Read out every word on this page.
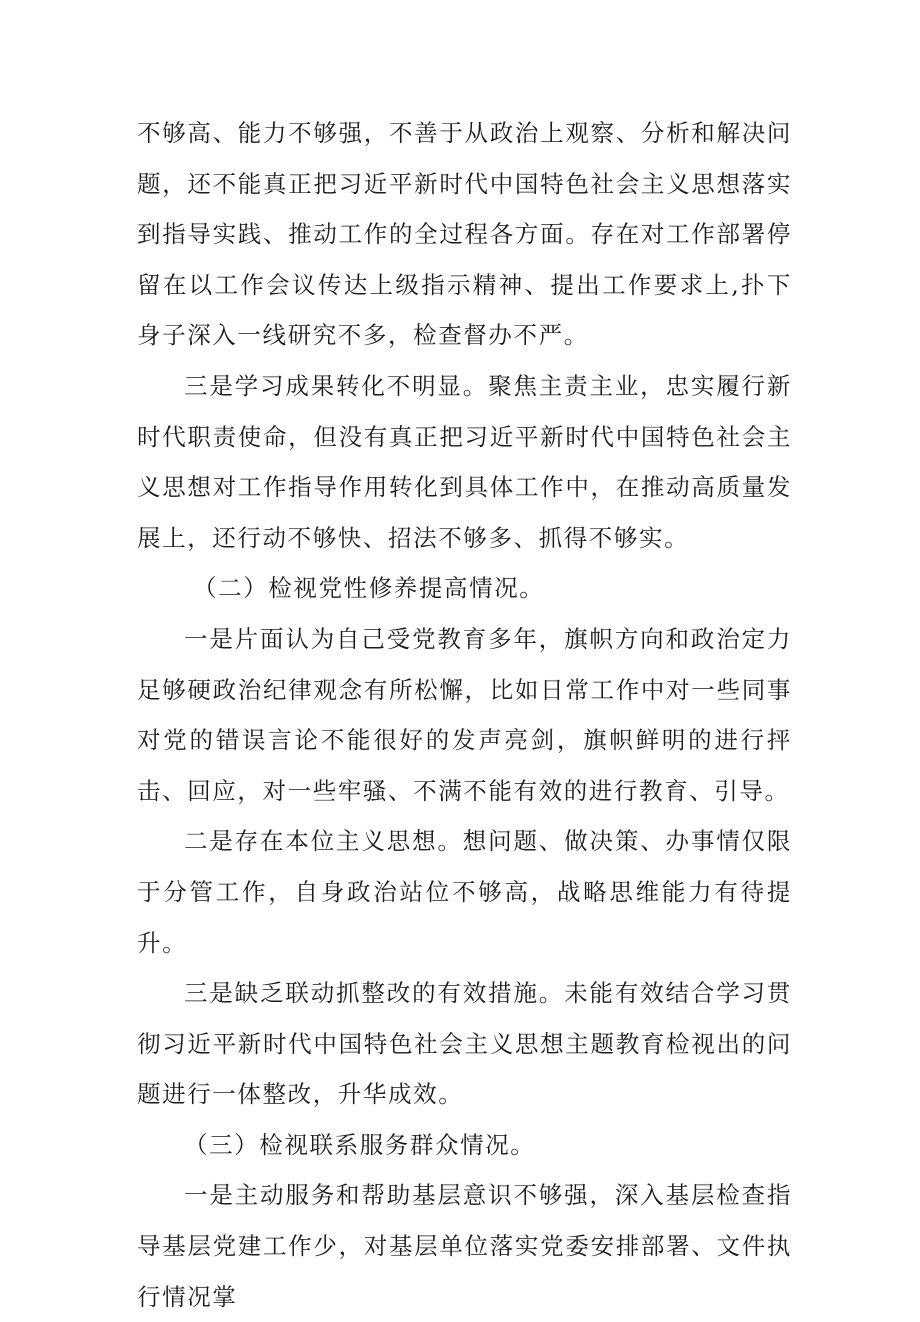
不够高、能力不够强，不善于从政治上观察、分析和解决问题，还不能真正把习近平新时代中国特色社会主义思想落实到指导实践、推动工作的全过程各方面。存在对工作部署停留在以工作会议传达上级指示精神、提出工作要求上,扑下身子深入一线研究不多，检查督办不严。

三是学习成果转化不明显。聚焦主责主业，忠实履行新时代职责使命，但没有真正把习近平新时代中国特色社会主义思想对工作指导作用转化到具体工作中，在推动高质量发展上，还行动不够快、招法不够多、抓得不够实。

（二）检视党性修养提高情况。

一是片面认为自己受党教育多年，旗帜方向和政治定力足够硬政治纪律观念有所松懈，比如日常工作中对一些同事对党的错误言论不能很好的发声亮剑，旗帜鲜明的进行抨击、回应，对一些牢骚、不满不能有效的进行教育、引导。

二是存在本位主义思想。想问题、做决策、办事情仅限于分管工作，自身政治站位不够高，战略思维能力有待提升。

三是缺乏联动抓整改的有效措施。未能有效结合学习贯彻习近平新时代中国特色社会主义思想主题教育检视出的问题进行一体整改，升华成效。

（三）检视联系服务群众情况。

一是主动服务和帮助基层意识不够强，深入基层检查指导基层党建工作少，对基层单位落实党委安排部署、文件执行情况掌
